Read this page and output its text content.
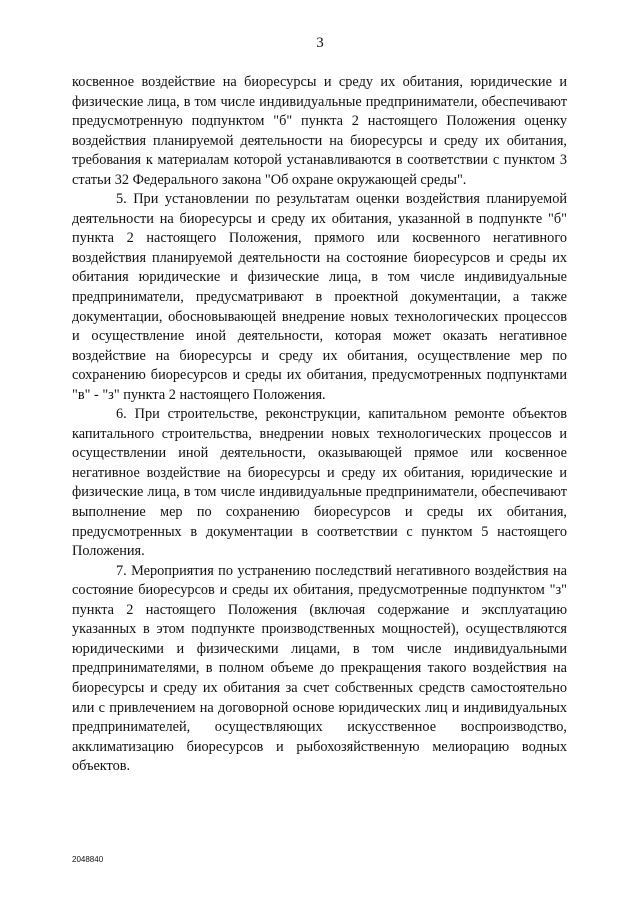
3

косвенное воздействие на биоресурсы и среду их обитания, юридические и физические лица, в том числе индивидуальные предприниматели, обеспечивают предусмотренную подпунктом "б" пункта 2 настоящего Положения оценку воздействия планируемой деятельности на биоресурсы и среду их обитания, требования к материалам которой устанавливаются в соответствии с пунктом 3 статьи 32 Федерального закона "Об охране окружающей среды".

5. При установлении по результатам оценки воздействия планируемой деятельности на биоресурсы и среду их обитания, указанной в подпункте "б" пункта 2 настоящего Положения, прямого или косвенного негативного воздействия планируемой деятельности на состояние биоресурсов и среды их обитания юридические и физические лица, в том числе индивидуальные предприниматели, предусматривают в проектной документации, а также документации, обосновывающей внедрение новых технологических процессов и осуществление иной деятельности, которая может оказать негативное воздействие на биоресурсы и среду их обитания, осуществление мер по сохранению биоресурсов и среды их обитания, предусмотренных подпунктами "в" - "з" пункта 2 настоящего Положения.

6. При строительстве, реконструкции, капитальном ремонте объектов капитального строительства, внедрении новых технологических процессов и осуществлении иной деятельности, оказывающей прямое или косвенное негативное воздействие на биоресурсы и среду их обитания, юридические и физические лица, в том числе индивидуальные предприниматели, обеспечивают выполнение мер по сохранению биоресурсов и среды их обитания, предусмотренных в документации в соответствии с пунктом 5 настоящего Положения.

7. Мероприятия по устранению последствий негативного воздействия на состояние биоресурсов и среды их обитания, предусмотренные подпунктом "з" пункта 2 настоящего Положения (включая содержание и эксплуатацию указанных в этом подпункте производственных мощностей), осуществляются юридическими и физическими лицами, в том числе индивидуальными предпринимателями, в полном объеме до прекращения такого воздействия на биоресурсы и среду их обитания за счет собственных средств самостоятельно или с привлечением на договорной основе юридических лиц и индивидуальных предпринимателей, осуществляющих искусственное воспроизводство, акклиматизацию биоресурсов и рыбохозяйственную мелиорацию водных объектов.

2048840
